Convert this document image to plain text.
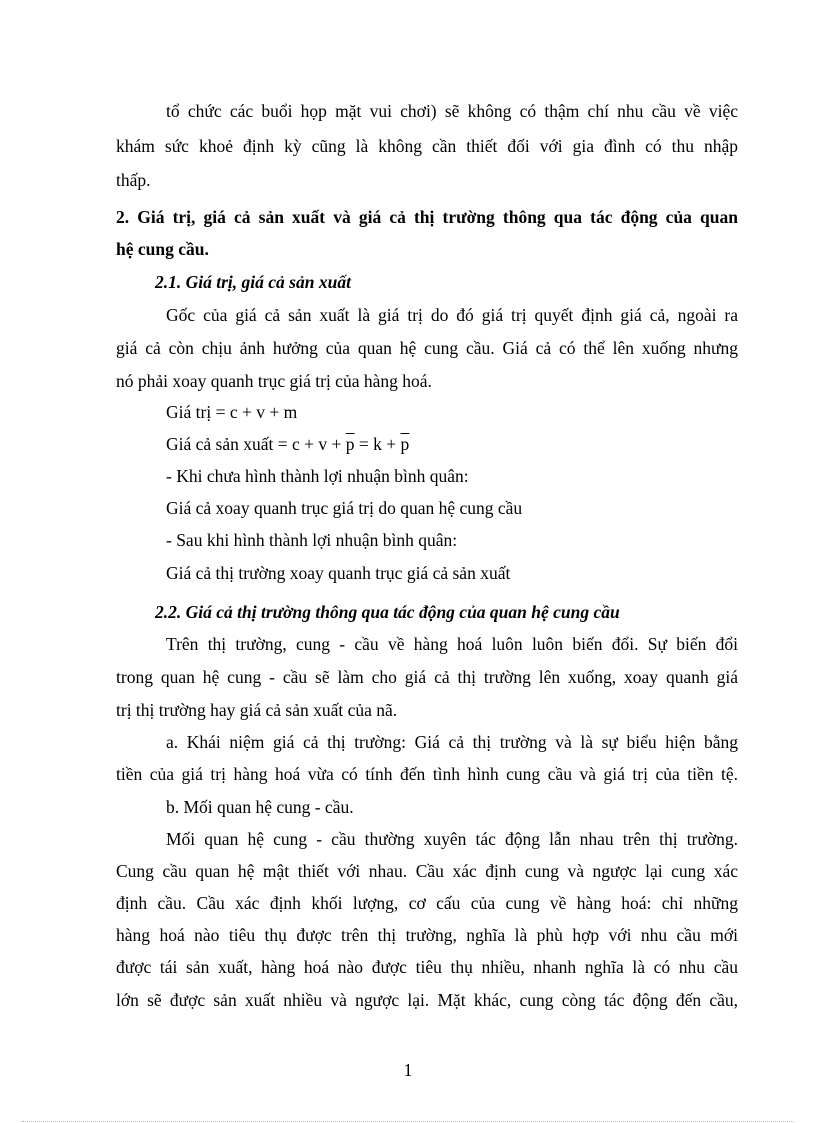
tổ chức các buổi họp mặt vui chơi) sẽ không có thậm chí nhu cầu về việc
khám sức khoẻ định kỳ cũng là không cần thiết đối với gia đình có thu nhập
thấp.
2. Giá trị, giá cả sản xuất và giá cả thị trường thông qua tác động của quan
hệ cung cầu.
2.1. Giá trị, giá cả sản xuất
Gốc của giá cả sản xuất là giá trị do đó giá trị quyết định giá cả, ngoài ra
giá cả còn chịu ảnh hưởng của quan hệ cung cầu. Giá cả có thể lên xuống nhưng
nó phải xoay quanh trục giá trị của hàng hoá.
Giá trị = c + v + m
Giá cả sản xuất = $c + v + \overline{p} = k + \overline{p}$
- Khi chưa hình thành lợi nhuận bình quân:
Giá cả xoay quanh trục giá trị do quan hệ cung cầu
- Sau khi hình thành lợi nhuận bình quân:
Giá cả thị trường xoay quanh trục giá cả sản xuất
2.2. Giá cả thị trường thông qua tác động của quan hệ cung cầu
Trên thị trường, cung - cầu về hàng hoá luôn luôn biến đổi. Sự biến đổi
trong quan hệ cung - cầu sẽ làm cho giá cả thị trường lên xuống, xoay quanh giá
trị thị trường hay giá cả sản xuất của nã.
a. Khái niệm giá cả thị trường: Giá cả thị trường và là sự biểu hiện bằng
tiền của giá trị hàng hoá vừa có tính đến tình hình cung cầu và giá trị của tiền tệ.
b. Mối quan hệ cung - cầu.
Mối quan hệ cung - cầu thường xuyên tác động lẫn nhau trên thị trường.
Cung cầu quan hệ mật thiết với nhau. Cầu xác định cung và ngược lại cung xác
định cầu. Cầu xác định khối lượng, cơ cấu của cung về hàng hoá: chỉ những
hàng hoá nào tiêu thụ được trên thị trường, nghĩa là phù hợp với nhu cầu mới
được tái sản xuất, hàng hoá nào được tiêu thụ nhiều, nhanh nghĩa là có nhu cầu
lớn sẽ được sản xuất nhiều và ngược lại. Mặt khác, cung còng tác động đến cầu,
1
